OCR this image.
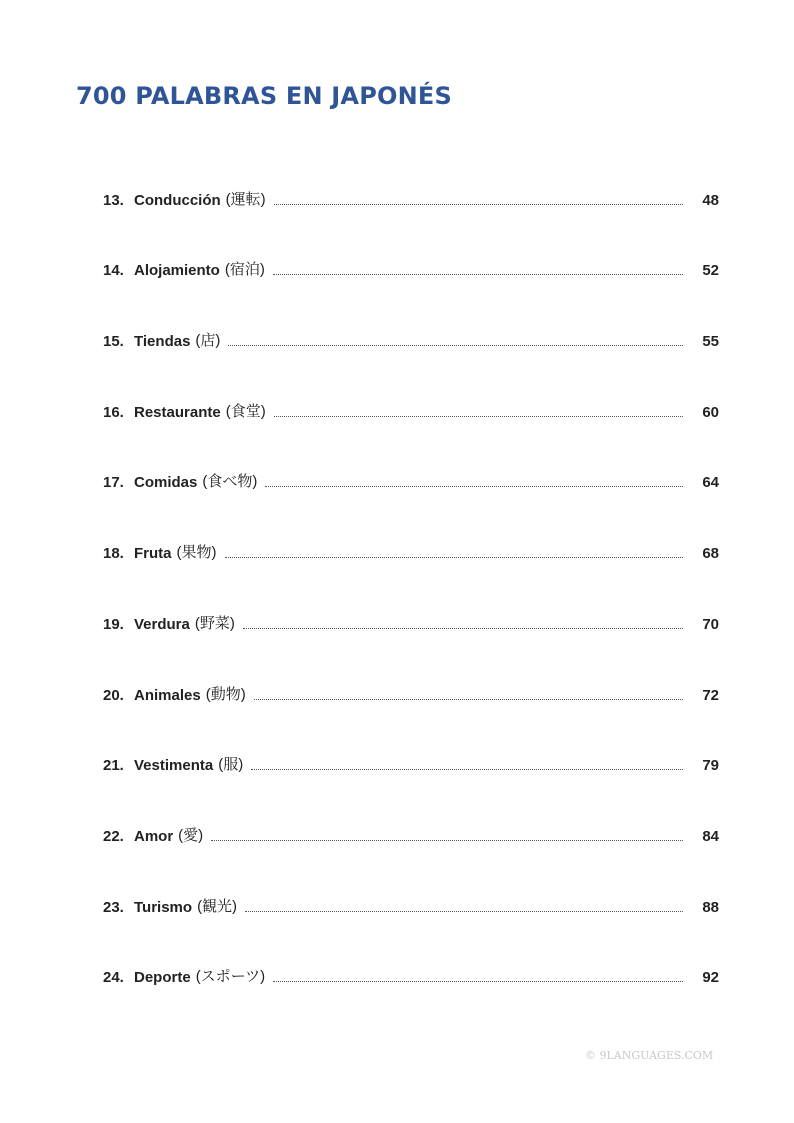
700 PALABRAS EN JAPONÉS
13. Conducción (運転)	48
14. Alojamiento (宿泊)	52
15. Tiendas (店)	55
16. Restaurante (食堂)	60
17. Comidas (食べ物)	64
18. Fruta (果物)	68
19. Verdura (野菜)	70
20. Animales (動物)	72
21. Vestimenta (服)	79
22. Amor (愛)	84
23. Turismo (観光)	88
24. Deporte (スポーツ)	92
© 9LANGUAGES.COM
